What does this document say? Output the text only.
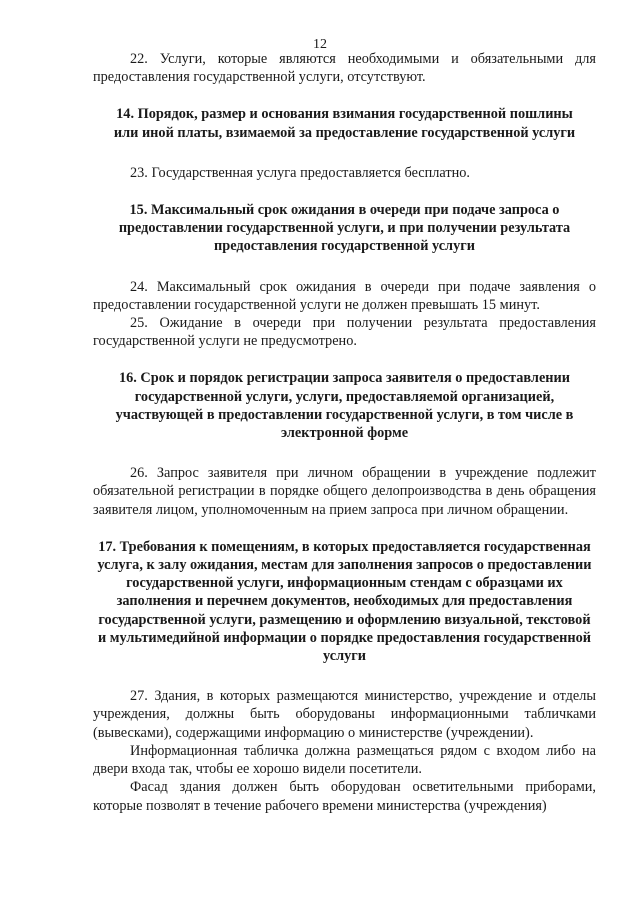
12

22. Услуги, которые являются необходимыми и обязательными для предоставления государственной услуги, отсутствуют.

14. Порядок, размер и основания взимания государственной пошлины или иной платы, взимаемой за предоставление государственной услуги

23. Государственная услуга предоставляется бесплатно.

15. Максимальный срок ожидания в очереди при подаче запроса о предоставлении государственной услуги, и при получении результата предоставления государственной услуги

24. Максимальный срок ожидания в очереди при подаче заявления о предоставлении государственной услуги не должен превышать 15 минут.

25. Ожидание в очереди при получении результата предоставления государственной услуги не предусмотрено.

16. Срок и порядок регистрации запроса заявителя о предоставлении государственной услуги, услуги, предоставляемой организацией, участвующей в предоставлении государственной услуги, в том числе в электронной форме

26. Запрос заявителя при личном обращении в учреждение подлежит обязательной регистрации в порядке общего делопроизводства в день обращения заявителя лицом, уполномоченным на прием запроса при личном обращении.

17. Требования к помещениям, в которых предоставляется государственная услуга, к залу ожидания, местам для заполнения запросов о предоставлении государственной услуги, информационным стендам с образцами их заполнения и перечнем документов, необходимых для предоставления государственной услуги, размещению и оформлению визуальной, текстовой и мультимедийной информации о порядке предоставления государственной услуги

27. Здания, в которых размещаются министерство, учреждение и отделы учреждения, должны быть оборудованы информационными табличками (вывесками), содержащими информацию о министерстве (учреждении).

Информационная табличка должна размещаться рядом с входом либо на двери входа так, чтобы ее хорошо видели посетители.

Фасад здания должен быть оборудован осветительными приборами, которые позволят в течение рабочего времени министерства (учреждения)
